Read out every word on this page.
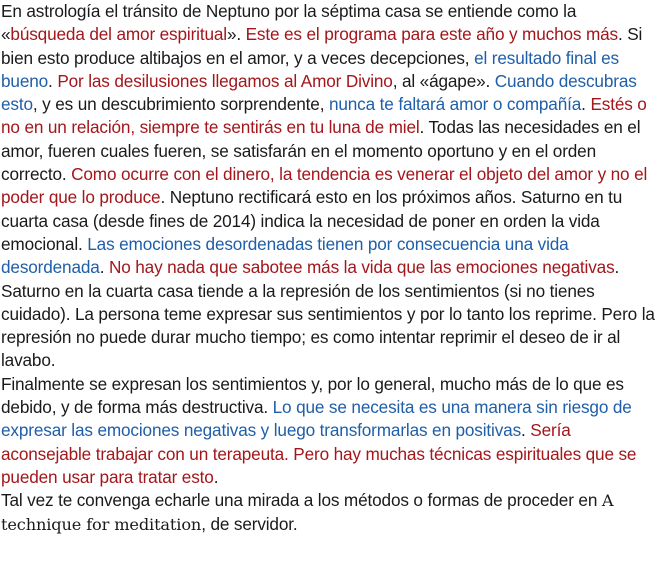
En astrología el tránsito de Neptuno por la séptima casa se entiende como la «búsqueda del amor espiritual». Este es el programa para este año y muchos más. Si bien esto produce altibajos en el amor, y a veces decepciones, el resultado final es bueno. Por las desilusiones llegamos al Amor Divino, al «ágape». Cuando descubras esto, y es un descubrimiento sorprendente, nunca te faltará amor o compañía. Estés o no en un relación, siempre te sentirás en tu luna de miel. Todas las necesidades en el amor, fueren cuales fueren, se satisfarán en el momento oportuno y en el orden correcto. Como ocurre con el dinero, la tendencia es venerar el objeto del amor y no el poder que lo produce. Neptuno rectificará esto en los próximos años. Saturno en tu cuarta casa (desde fines de 2014) indica la necesidad de poner en orden la vida emocional. Las emociones desordenadas tienen por consecuencia una vida desordenada. No hay nada que sabotee más la vida que las emociones negativas. Saturno en la cuarta casa tiende a la represión de los sentimientos (si no tienes cuidado). La persona teme expresar sus sentimientos y por lo tanto los reprime. Pero la represión no puede durar mucho tiempo; es como intentar reprimir el deseo de ir al lavabo.

Finalmente se expresan los sentimientos y, por lo general, mucho más de lo que es debido, y de forma más destructiva. Lo que se necesita es una manera sin riesgo de expresar las emociones negativas y luego transformarlas en positivas. Sería aconsejable trabajar con un terapeuta. Pero hay muchas técnicas espirituales que se pueden usar para tratar esto.

Tal vez te convenga echarle una mirada a los métodos o formas de proceder en A technique for meditation, de servidor.
